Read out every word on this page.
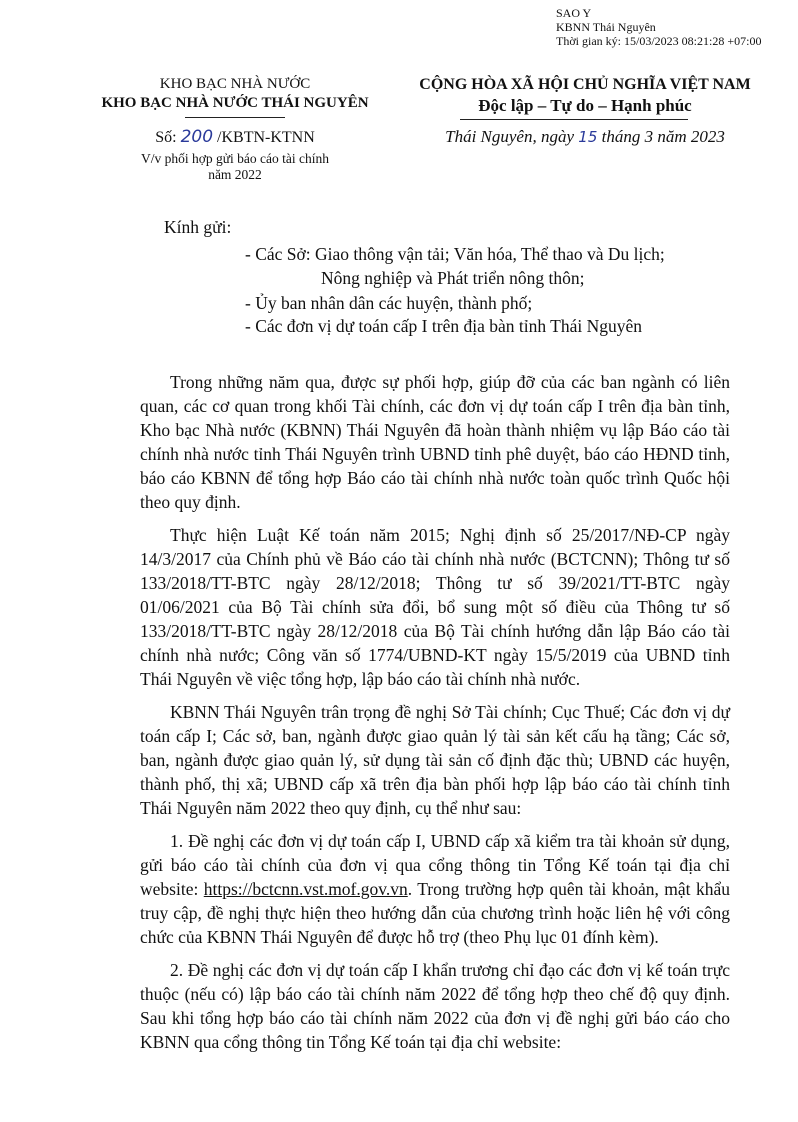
SAO Y
KBNN Thái Nguyên
Thời gian ký: 15/03/2023 08:21:28 +07:00
KHO BẠC NHÀ NƯỚC
KHO BẠC NHÀ NƯỚC THÁI NGUYÊN
CỘNG HÒA XÃ HỘI CHỦ NGHĨA VIỆT NAM
Độc lập – Tự do – Hạnh phúc
Số: 200 /KBTN-KTNN
V/v phối hợp gửi báo cáo tài chính
năm 2022
Thái Nguyên, ngày 15 tháng 3 năm 2023
Kính gửi:
- Các Sở: Giao thông vận tải; Văn hóa, Thể thao và Du lịch;
Nông nghiệp và Phát triển nông thôn;
- Ủy ban nhân dân các huyện, thành phố;
- Các đơn vị dự toán cấp I trên địa bàn tỉnh Thái Nguyên

Trong những năm qua, được sự phối hợp, giúp đỡ của các ban ngành có liên quan, các cơ quan trong khối Tài chính, các đơn vị dự toán cấp I trên địa bàn tỉnh, Kho bạc Nhà nước (KBNN) Thái Nguyên đã hoàn thành nhiệm vụ lập Báo cáo tài chính nhà nước tỉnh Thái Nguyên trình UBND tỉnh phê duyệt, báo cáo HĐND tỉnh, báo cáo KBNN để tổng hợp Báo cáo tài chính nhà nước toàn quốc trình Quốc hội theo quy định.

Thực hiện Luật Kế toán năm 2015; Nghị định số 25/2017/NĐ-CP ngày 14/3/2017 của Chính phủ về Báo cáo tài chính nhà nước (BCTCNN); Thông tư số 133/2018/TT-BTC ngày 28/12/2018; Thông tư số 39/2021/TT-BTC ngày 01/06/2021 của Bộ Tài chính sửa đổi, bổ sung một số điều của Thông tư số 133/2018/TT-BTC ngày 28/12/2018 của Bộ Tài chính hướng dẫn lập Báo cáo tài chính nhà nước; Công văn số 1774/UBND-KT ngày 15/5/2019 của UBND tỉnh Thái Nguyên về việc tổng hợp, lập báo cáo tài chính nhà nước.

KBNN Thái Nguyên trân trọng đề nghị Sở Tài chính; Cục Thuế; Các đơn vị dự toán cấp I; Các sở, ban, ngành được giao quản lý tài sản kết cấu hạ tầng; Các sở, ban, ngành được giao quản lý, sử dụng tài sản cố định đặc thù; UBND các huyện, thành phố, thị xã; UBND cấp xã trên địa bàn phối hợp lập báo cáo tài chính tỉnh Thái Nguyên năm 2022 theo quy định, cụ thể như sau:

1. Đề nghị các đơn vị dự toán cấp I, UBND cấp xã kiểm tra tài khoản sử dụng, gửi báo cáo tài chính của đơn vị qua cổng thông tin Tổng Kế toán tại địa chỉ website: https://bctcnn.vst.mof.gov.vn. Trong trường hợp quên tài khoản, mật khẩu truy cập, đề nghị thực hiện theo hướng dẫn của chương trình hoặc liên hệ với công chức của KBNN Thái Nguyên để được hỗ trợ (theo Phụ lục 01 đính kèm).

2. Đề nghị các đơn vị dự toán cấp I khẩn trương chỉ đạo các đơn vị kế toán trực thuộc (nếu có) lập báo cáo tài chính năm 2022 để tổng hợp theo chế độ quy định. Sau khi tổng hợp báo cáo tài chính năm 2022 của đơn vị đề nghị gửi báo cáo cho KBNN qua cổng thông tin Tổng Kế toán tại địa chỉ website:
